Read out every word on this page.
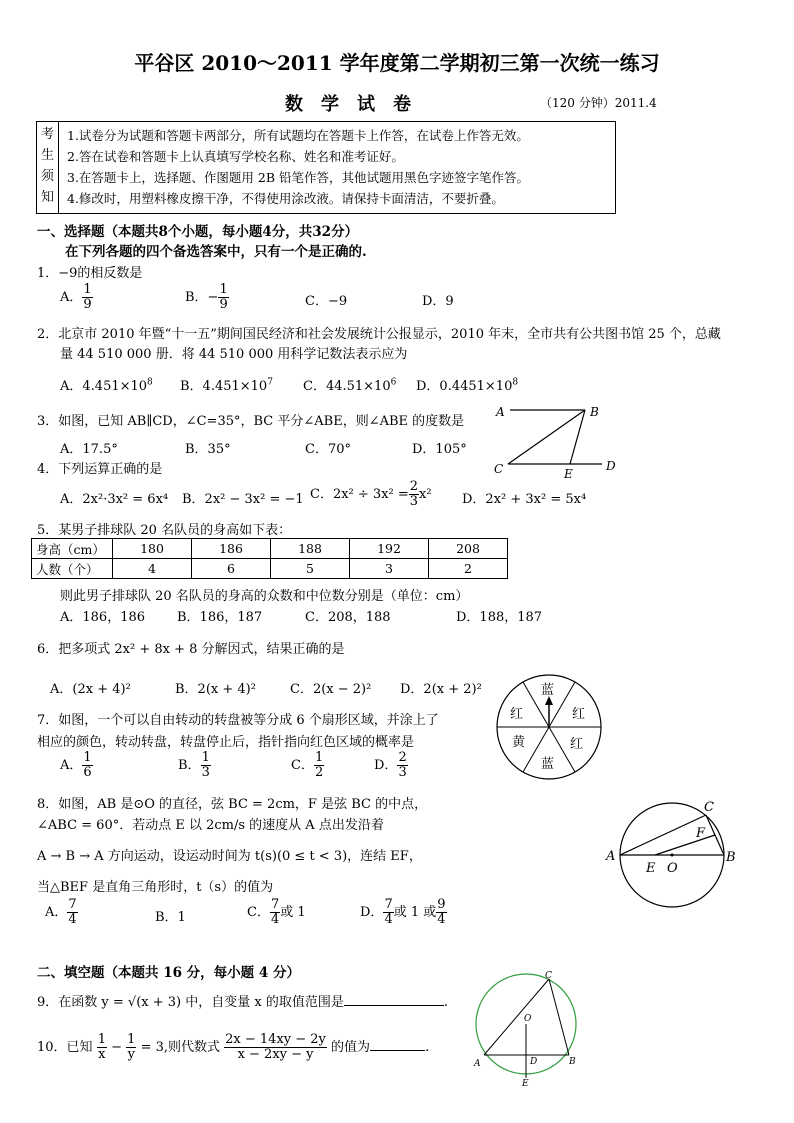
平谷区 2010～2011 学年度第二学期初三第一次统一练习
数学试卷	（120 分钟）2011.4
考
生
须
知
1.试卷分为试题和答题卡两部分，所有试题均在答题卡上作答，在试卷上作答无效。
2.答在试卷和答题卡上认真填写学校名称、姓名和准考证好。
3.在答题卡上，选择题、作图题用 2B 铅笔作答，其他试题用黑色字迹签字笔作答。
4.修改时，用塑料橡皮擦干净，不得使用涂改液。请保持卡面清洁，不要折叠。
一、选择题（本题共8个小题，每小题4分，共32分）
在下列各题的四个备选答案中，只有一个是正确的.
1．−9的相反数是
A． $\frac{1}{9}$	B．− $\frac{1}{9}$	C．−9	D．9
2．北京市 2010 年暨“十一五”期间国民经济和社会发展统计公报显示，2010 年末，全市共有公共图书馆 25 个，总藏
量 44 510 000 册．将 44 510 000 用科学记数法表示应为
A．$4.451\times 10^8$ B．$4.451\times 10^7$ C．$44.51\times 10^6$ D．$0.4451\times 10^8$
3．如图，已知 AB∥CD，∠C=35°，BC 平分∠ABE，则∠ABE 的度数是
A．17.5°	B．35°	C．70°	D．105°
A	B
C	D
E
4．下列运算正确的是
A．2x²·3x² = 6x⁴ B．2x² − 3x² = −1 C．$2x^2 \div 3x^2 = \frac{2}{3} x^2$ D．2x² + 3x² = 5x⁴
5．某男子排球队 20 名队员的身高如下表：
身高（cm）	180	186	188	192	208
人数（个）	4	6	5	3	2
则此男子排球队 20 名队员的身高的众数和中位数分别是（单位：cm）
A．186，186 B．186，187	C．208，188	D．188，187
6．把多项式 2x² + 8x + 8 分解因式，结果正确的是
A．(2x + 4)²	B．2(x + 4)²	C．2(x − 2)² D．2(x + 2)²	蓝
红	红
黄	红
蓝
7．如图，一个可以自由转动的转盘被等分成 6 个扇形区域，并涂上了
相应的颜色，转动转盘，转盘停止后，指针指向红色区域的概率是
A． $\frac{1}{6}$	B． $\frac{1}{3}$	C． $\frac{1}{2}$	D． $\frac{2}{3}$
8．如图，AB 是⊙O 的直径，弦 BC = 2cm，F 是弦 BC 的中点，
∠ABC = 60°．若动点 E 以 2cm/s 的速度从 A 点出发沿着
A → B → A 方向运动，设运动时间为 t(s)(0 ≤ t < 3)，连结 EF，
当△BEF 是直角三角形时，t（s）的值为
A． $\frac{7}{4}$	B．1	C． $\frac{7}{4}$ 或 1	D． $\frac{7}{4}$ 或 1 或 $\frac{9}{4}$
A	B
C
E
F
O
二、填空题（本题共 16 分，每小题 4 分）
9．在函数 y = √(x + 3) 中，自变量 x 的取值范围是	.
10．已知 $\frac{1}{x} - \frac{1}{y} = 3$,则代数式 $\frac{2x - 14xy - 2y}{x - 2xy - y}$ 的值为	.
A	B
C
D
E
O
